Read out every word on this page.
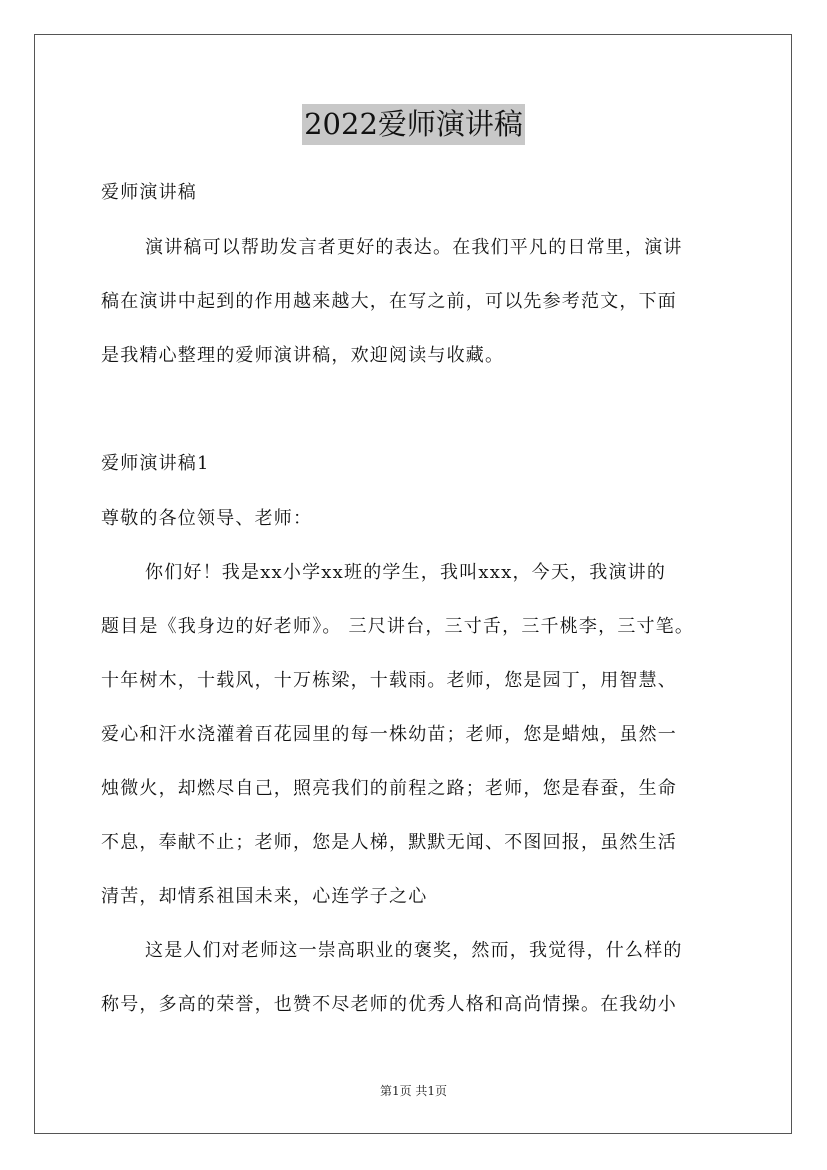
2022爱师演讲稿
爱师演讲稿
演讲稿可以帮助发言者更好的表达。在我们平凡的日常里，演讲
稿在演讲中起到的作用越来越大，在写之前，可以先参考范文，下面
是我精心整理的爱师演讲稿，欢迎阅读与收藏。
爱师演讲稿1
尊敬的各位领导、老师：
你们好！我是xx小学xx班的学生，我叫xxx，今天，我演讲的
题目是《我身边的好老师》。 三尺讲台，三寸舌，三千桃李，三寸笔。
十年树木，十载风，十万栋梁，十载雨。老师，您是园丁，用智慧、
爱心和汗水浇灌着百花园里的每一株幼苗；老师，您是蜡烛，虽然一
烛微火，却燃尽自己，照亮我们的前程之路；老师，您是春蚕，生命
不息，奉献不止；老师，您是人梯，默默无闻、不图回报，虽然生活
清苦，却情系祖国未来，心连学子之心
这是人们对老师这一崇高职业的褒奖，然而，我觉得，什么样的
称号，多高的荣誉，也赞不尽老师的优秀人格和高尚情操。在我幼小
第1页 共1页
